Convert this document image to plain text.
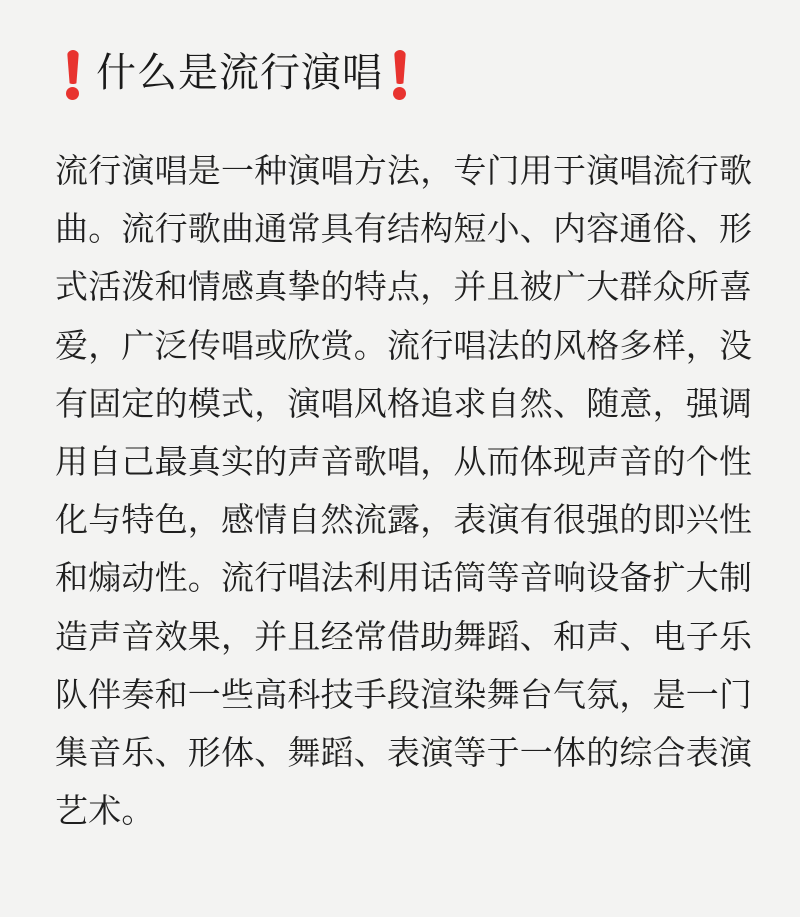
什么是流行演唱
流行演唱是一种演唱方法，专门用于演唱流行歌
曲。流行歌曲通常具有结构短小、内容通俗、形
式活泼和情感真挚的特点，并且被广大群众所喜
爱，广泛传唱或欣赏。流行唱法的风格多样，没
有固定的模式，演唱风格追求自然、随意，强调
用自己最真实的声音歌唱，从而体现声音的个性
化与特色，感情自然流露，表演有很强的即兴性
和煽动性。流行唱法利用话筒等音响设备扩大制
造声音效果，并且经常借助舞蹈、和声、电子乐
队伴奏和一些高科技手段渲染舞台气氛，是一门
集音乐、形体、舞蹈、表演等于一体的综合表演
艺术。
